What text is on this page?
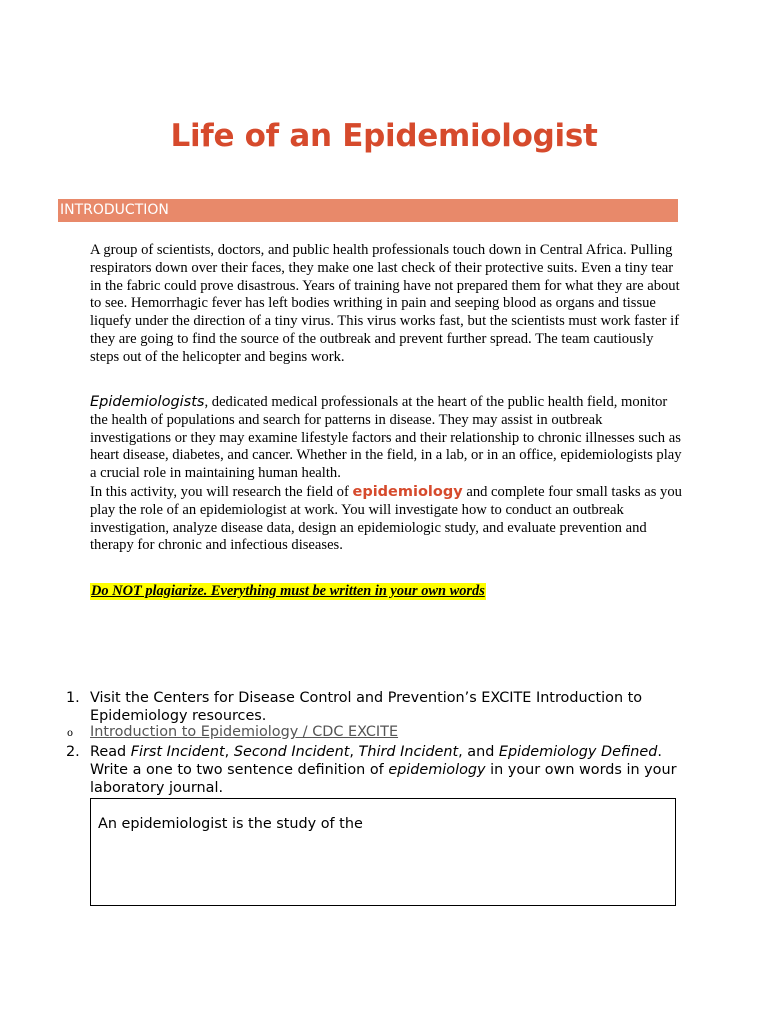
Life of an Epidemiologist
INTRODUCTION

A group of scientists, doctors, and public health professionals touch down in Central Africa. Pulling respirators down over their faces, they make one last check of their protective suits. Even a tiny tear in the fabric could prove disastrous. Years of training have not prepared them for what they are about to see. Hemorrhagic fever has left bodies writhing in pain and seeping blood as organs and tissue liquefy under the direction of a tiny virus. This virus works fast, but the scientists must work faster if they are going to find the source of the outbreak and prevent further spread. The team cautiously steps out of the helicopter and begins work.

Epidemiologists, dedicated medical professionals at the heart of the public health field, monitor the health of populations and search for patterns in disease. They may assist in outbreak investigations or they may examine lifestyle factors and their relationship to chronic illnesses such as heart disease, diabetes, and cancer. Whether in the field, in a lab, or in an office, epidemiologists play a crucial role in maintaining human health.

In this activity, you will research the field of epidemiology and complete four small tasks as you play the role of an epidemiologist at work. You will investigate how to conduct an outbreak investigation, analyze disease data, design an epidemiologic study, and evaluate prevention and therapy for chronic and infectious diseases.

Do NOT plagiarize. Everything must be written in your own words
1. Visit the Centers for Disease Control and Prevention’s EXCITE Introduction to Epidemiology resources.
o Introduction to Epidemiology / CDC EXCITE
2. Read First Incident, Second Incident, Third Incident, and Epidemiology Defined. Write a one to two sentence definition of epidemiology in your own words in your laboratory journal.
An epidemiologist is the study of the
